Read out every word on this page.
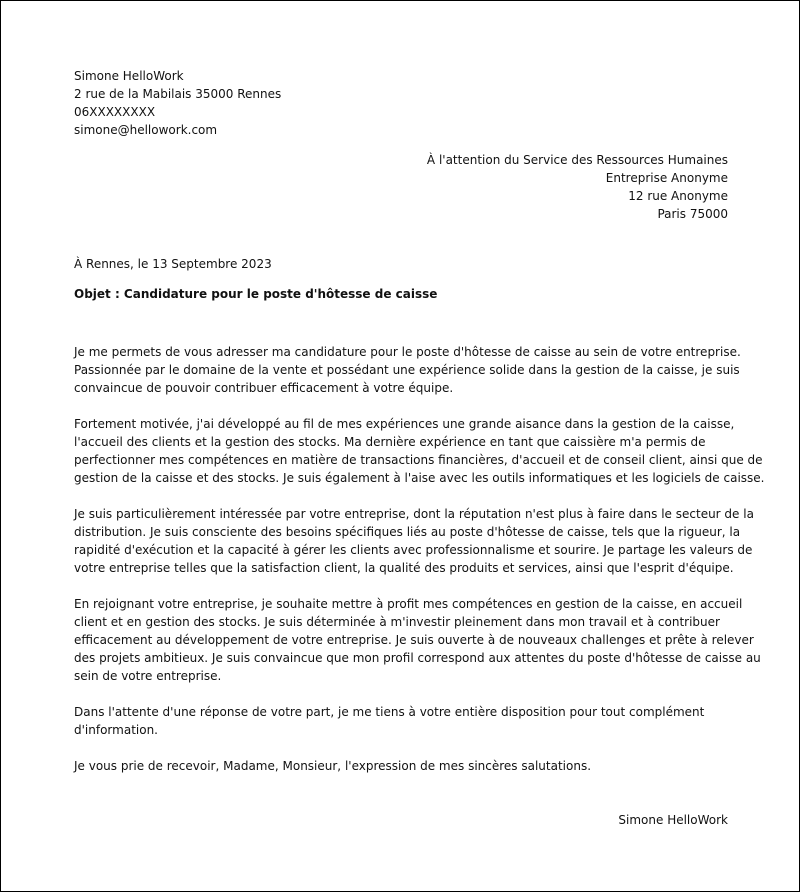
Simone HelloWork
2 rue de la Mabilais 35000 Rennes
06XXXXXXXX
simone@hellowork.com
À l'attention du Service des Ressources Humaines
Entreprise Anonyme
12 rue Anonyme
Paris 75000
À Rennes, le 13 Septembre 2023
Objet : Candidature pour le poste d'hôtesse de caisse

Je me permets de vous adresser ma candidature pour le poste d'hôtesse de caisse au sein de votre entreprise.
Passionnée par le domaine de la vente et possédant une expérience solide dans la gestion de la caisse, je suis
convaincue de pouvoir contribuer efficacement à votre équipe.

Fortement motivée, j'ai développé au fil de mes expériences une grande aisance dans la gestion de la caisse,
l'accueil des clients et la gestion des stocks. Ma dernière expérience en tant que caissière m'a permis de
perfectionner mes compétences en matière de transactions financières, d'accueil et de conseil client, ainsi que de
gestion de la caisse et des stocks. Je suis également à l'aise avec les outils informatiques et les logiciels de caisse.

Je suis particulièrement intéressée par votre entreprise, dont la réputation n'est plus à faire dans le secteur de la
distribution. Je suis consciente des besoins spécifiques liés au poste d'hôtesse de caisse, tels que la rigueur, la
rapidité d'exécution et la capacité à gérer les clients avec professionnalisme et sourire. Je partage les valeurs de
votre entreprise telles que la satisfaction client, la qualité des produits et services, ainsi que l'esprit d'équipe.

En rejoignant votre entreprise, je souhaite mettre à profit mes compétences en gestion de la caisse, en accueil
client et en gestion des stocks. Je suis déterminée à m'investir pleinement dans mon travail et à contribuer
efficacement au développement de votre entreprise. Je suis ouverte à de nouveaux challenges et prête à relever
des projets ambitieux. Je suis convaincue que mon profil correspond aux attentes du poste d'hôtesse de caisse au
sein de votre entreprise.

Dans l'attente d'une réponse de votre part, je me tiens à votre entière disposition pour tout complément
d'information.

Je vous prie de recevoir, Madame, Monsieur, l'expression de mes sincères salutations.

Simone HelloWork
